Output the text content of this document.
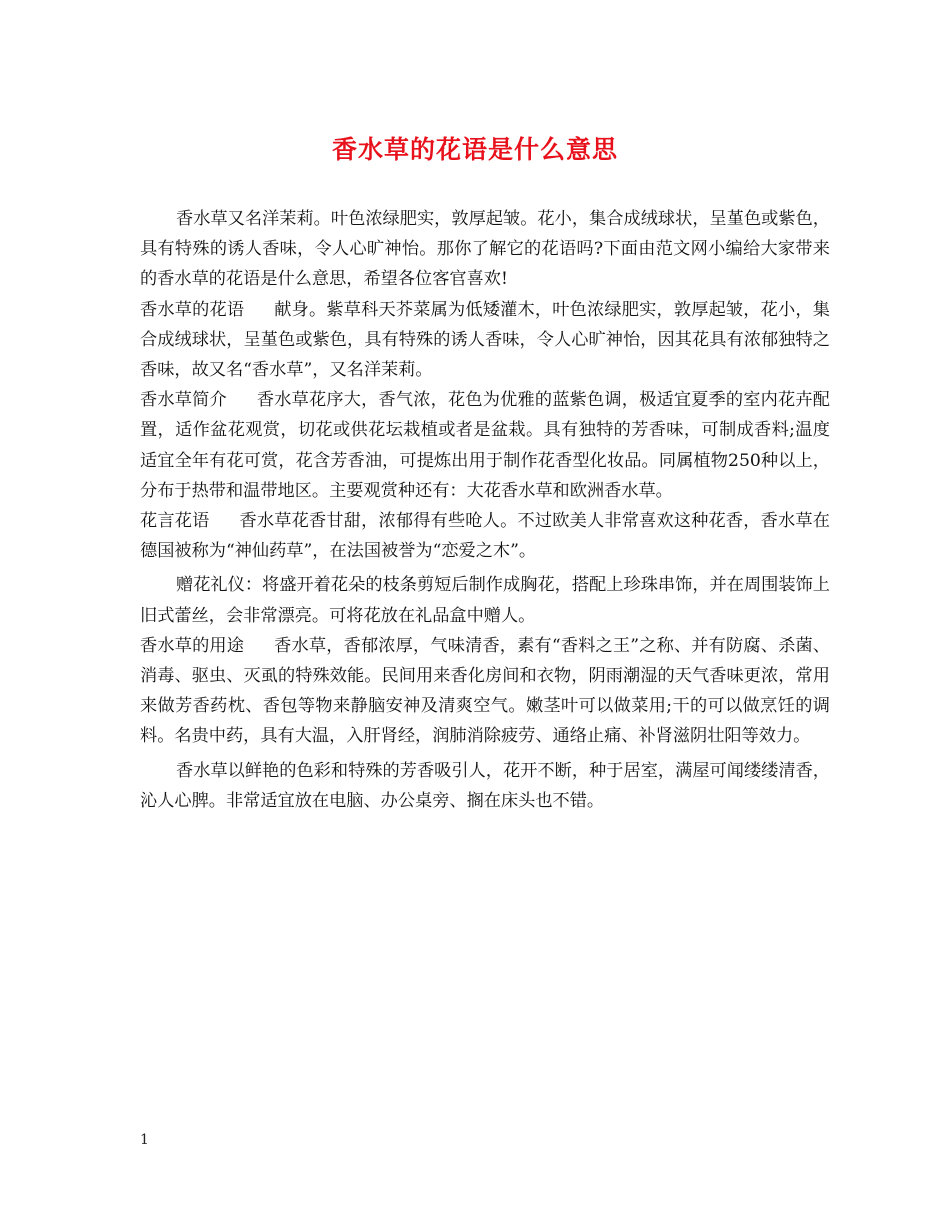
香水草的花语是什么意思

香水草又名洋茉莉。叶色浓绿肥实，敦厚起皱。花小，集合成绒球状，呈堇色或紫色，具有特殊的诱人香味，令人心旷神怡。那你了解它的花语吗?下面由范文网小编给大家带来的香水草的花语是什么意思，希望各位客官喜欢!

香水草的花语 献身。紫草科天芥菜属为低矮灌木，叶色浓绿肥实，敦厚起皱，花小，集合成绒球状，呈堇色或紫色，具有特殊的诱人香味，令人心旷神怡，因其花具有浓郁独特之香味，故又名“香水草”，又名洋茉莉。

香水草简介 香水草花序大，香气浓，花色为优雅的蓝紫色调，极适宜夏季的室内花卉配置，适作盆花观赏，切花或供花坛栽植或者是盆栽。具有独特的芳香味，可制成香料;温度适宜全年有花可赏，花含芳香油，可提炼出用于制作花香型化妆品。同属植物250种以上，分布于热带和温带地区。主要观赏种还有：大花香水草和欧洲香水草。

花言花语 香水草花香甘甜，浓郁得有些呛人。不过欧美人非常喜欢这种花香，香水草在德国被称为“神仙药草”，在法国被誉为“恋爱之木”。

赠花礼仪：将盛开着花朵的枝条剪短后制作成胸花，搭配上珍珠串饰，并在周围装饰上旧式蕾丝，会非常漂亮。可将花放在礼品盒中赠人。

香水草的用途 香水草，香郁浓厚，气味清香，素有“香料之王”之称、并有防腐、杀菌、消毒、驱虫、灭虱的特殊效能。民间用来香化房间和衣物，阴雨潮湿的天气香味更浓，常用来做芳香药枕、香包等物来静脑安神及清爽空气。嫩茎叶可以做菜用;干的可以做烹饪的调料。名贵中药，具有大温，入肝肾经，润肺消除疲劳、通络止痛、补肾滋阴壮阳等效力。

香水草以鲜艳的色彩和特殊的芳香吸引人，花开不断，种于居室，满屋可闻缕缕清香，沁人心脾。非常适宜放在电脑、办公桌旁、搁在床头也不错。

1
